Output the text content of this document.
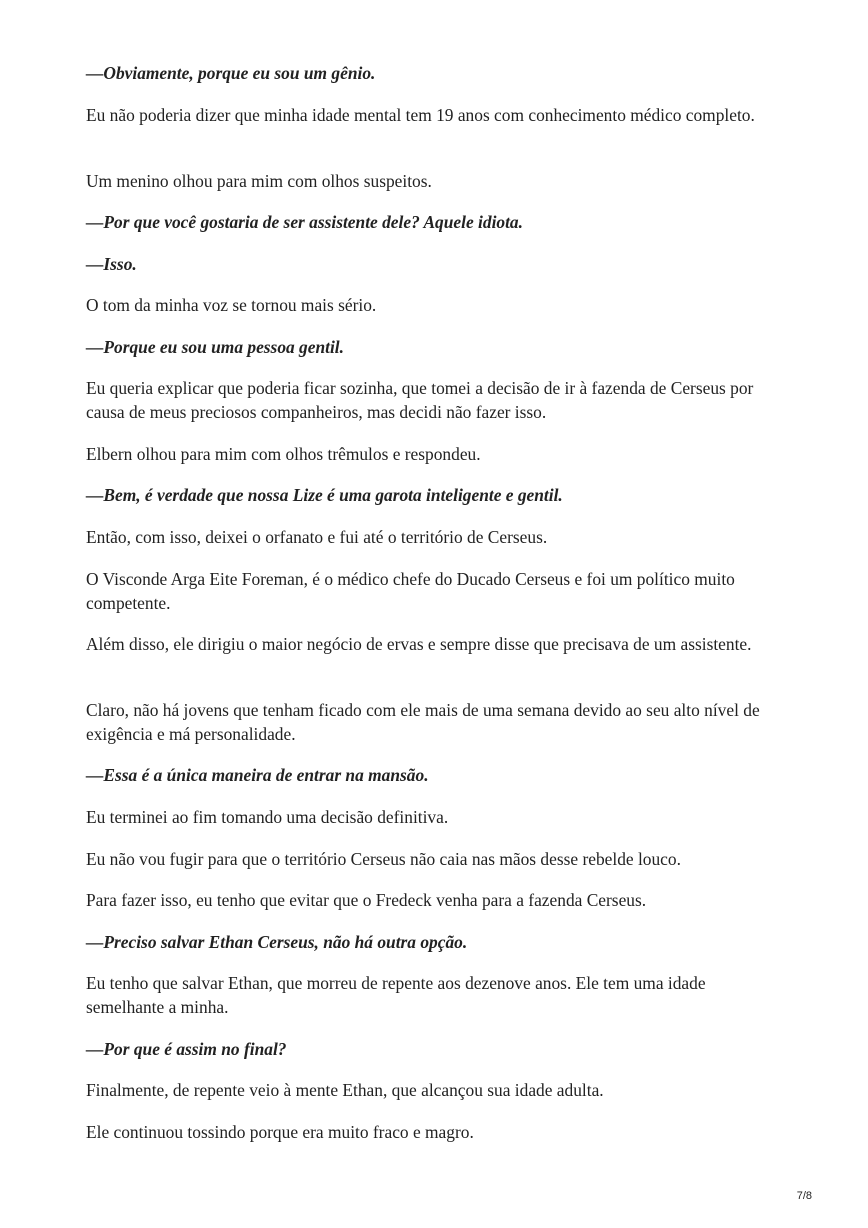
—Obviamente, porque eu sou um gênio.

Eu não poderia dizer que minha idade mental tem 19 anos com conhecimento médico completo.

Um menino olhou para mim com olhos suspeitos.

—Por que você gostaria de ser assistente dele? Aquele idiota.

—Isso.

O tom da minha voz se tornou mais sério.

—Porque eu sou uma pessoa gentil.

Eu queria explicar que poderia ficar sozinha, que tomei a decisão de ir à fazenda de Cerseus por causa de meus preciosos companheiros, mas decidi não fazer isso.

Elbern olhou para mim com olhos trêmulos e respondeu.

—Bem, é verdade que nossa Lize é uma garota inteligente e gentil.

Então, com isso, deixei o orfanato e fui até o território de Cerseus.

O Visconde Arga Eite Foreman, é o médico chefe do Ducado Cerseus e foi um político muito competente.

Além disso, ele dirigiu o maior negócio de ervas e sempre disse que precisava de um assistente.

Claro, não há jovens que tenham ficado com ele mais de uma semana devido ao seu alto nível de exigência e má personalidade.

—Essa é a única maneira de entrar na mansão.

Eu terminei ao fim tomando uma decisão definitiva.

Eu não vou fugir para que o território Cerseus não caia nas mãos desse rebelde louco.

Para fazer isso, eu tenho que evitar que o Fredeck venha para a fazenda Cerseus.

—Preciso salvar Ethan Cerseus, não há outra opção.

Eu tenho que salvar Ethan, que morreu de repente aos dezenove anos. Ele tem uma idade semelhante a minha.

—Por que é assim no final?

Finalmente, de repente veio à mente Ethan, que alcançou sua idade adulta.

Ele continuou tossindo porque era muito fraco e magro.

7/8
